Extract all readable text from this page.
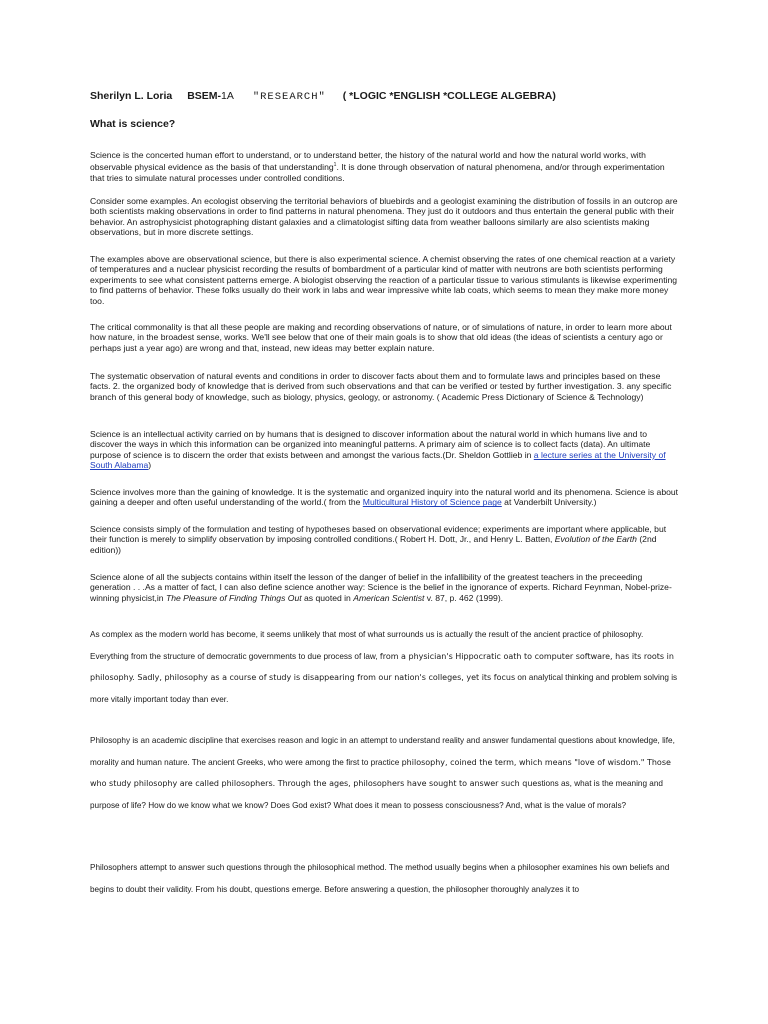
Sherilyn L. Loria BSEM-1A "RESEARCH" ( *LOGIC *ENGLISH *COLLEGE ALGEBRA)
What is science?

Science is the concerted human effort to understand, or to understand better, the history of the natural world and how the natural world works, with observable physical evidence as the basis of that understanding$^1$. It is done through observation of natural phenomena, and/or through experimentation that tries to simulate natural processes under controlled conditions.

Consider some examples. An ecologist observing the territorial behaviors of bluebirds and a geologist examining the distribution of fossils in an outcrop are both scientists making observations in order to find patterns in natural phenomena. They just do it outdoors and thus entertain the general public with their behavior. An astrophysicist photographing distant galaxies and a climatologist sifting data from weather balloons similarly are also scientists making observations, but in more discrete settings.

The examples above are observational science, but there is also experimental science. A chemist observing the rates of one chemical reaction at a variety of temperatures and a nuclear physicist recording the results of bombardment of a particular kind of matter with neutrons are both scientists performing experiments to see what consistent patterns emerge. A biologist observing the reaction of a particular tissue to various stimulants is likewise experimenting to find patterns of behavior. These folks usually do their work in labs and wear impressive white lab coats, which seems to mean they make more money too.

The critical commonality is that all these people are making and recording observations of nature, or of simulations of nature, in order to learn more about how nature, in the broadest sense, works. We'll see below that one of their main goals is to show that old ideas (the ideas of scientists a century ago or perhaps just a year ago) are wrong and that, instead, new ideas may better explain nature.

The systematic observation of natural events and conditions in order to discover facts about them and to formulate laws and principles based on these facts. 2. the organized body of knowledge that is derived from such observations and that can be verified or tested by further investigation. 3. any specific branch of this general body of knowledge, such as biology, physics, geology, or astronomy. ( Academic Press Dictionary of Science & Technology)

Science is an intellectual activity carried on by humans that is designed to discover information about the natural world in which humans live and to discover the ways in which this information can be organized into meaningful patterns. A primary aim of science is to collect facts (data). An ultimate purpose of science is to discern the order that exists between and amongst the various facts.(Dr. Sheldon Gottlieb in a lecture series at the University of South Alabama)

Science involves more than the gaining of knowledge. It is the systematic and organized inquiry into the natural world and its phenomena. Science is about gaining a deeper and often useful understanding of the world.( from the Multicultural History of Science page at Vanderbilt University.)

Science consists simply of the formulation and testing of hypotheses based on observational evidence; experiments are important where applicable, but their function is merely to simplify observation by imposing controlled conditions.( Robert H. Dott, Jr., and Henry L. Batten, Evolution of the Earth (2nd edition))

Science alone of all the subjects contains within itself the lesson of the danger of belief in the infallibility of the greatest teachers in the preceeding generation . . .As a matter of fact, I can also define science another way: Science is the belief in the ignorance of experts. Richard Feynman, Nobel-prize-winning physicist,in The Pleasure of Finding Things Out as quoted in American Scientist v. 87, p. 462 (1999).

As complex as the modern world has become, it seems unlikely that most of what surrounds us is actually the result of the ancient practice of philosophy. Everything from the structure of democratic governments to due process of law, from a physician's Hippocratic oath to computer software, has its roots in philosophy. Sadly, philosophy as a course of study is disappearing from our nation's colleges, yet its focus on analytical thinking and problem solving is more vitally important today than ever.

Philosophy is an academic discipline that exercises reason and logic in an attempt to understand reality and answer fundamental questions about knowledge, life, morality and human nature. The ancient Greeks, who were among the first to practice philosophy, coined the term, which means "love of wisdom." Those who study philosophy are called philosophers. Through the ages, philosophers have sought to answer such questions as, what is the meaning and purpose of life? How do we know what we know? Does God exist? What does it mean to possess consciousness? And, what is the value of morals?

Philosophers attempt to answer such questions through the philosophical method. The method usually begins when a philosopher examines his own beliefs and begins to doubt their validity. From his doubt, questions emerge. Before answering a question, the philosopher thoroughly analyzes it to
